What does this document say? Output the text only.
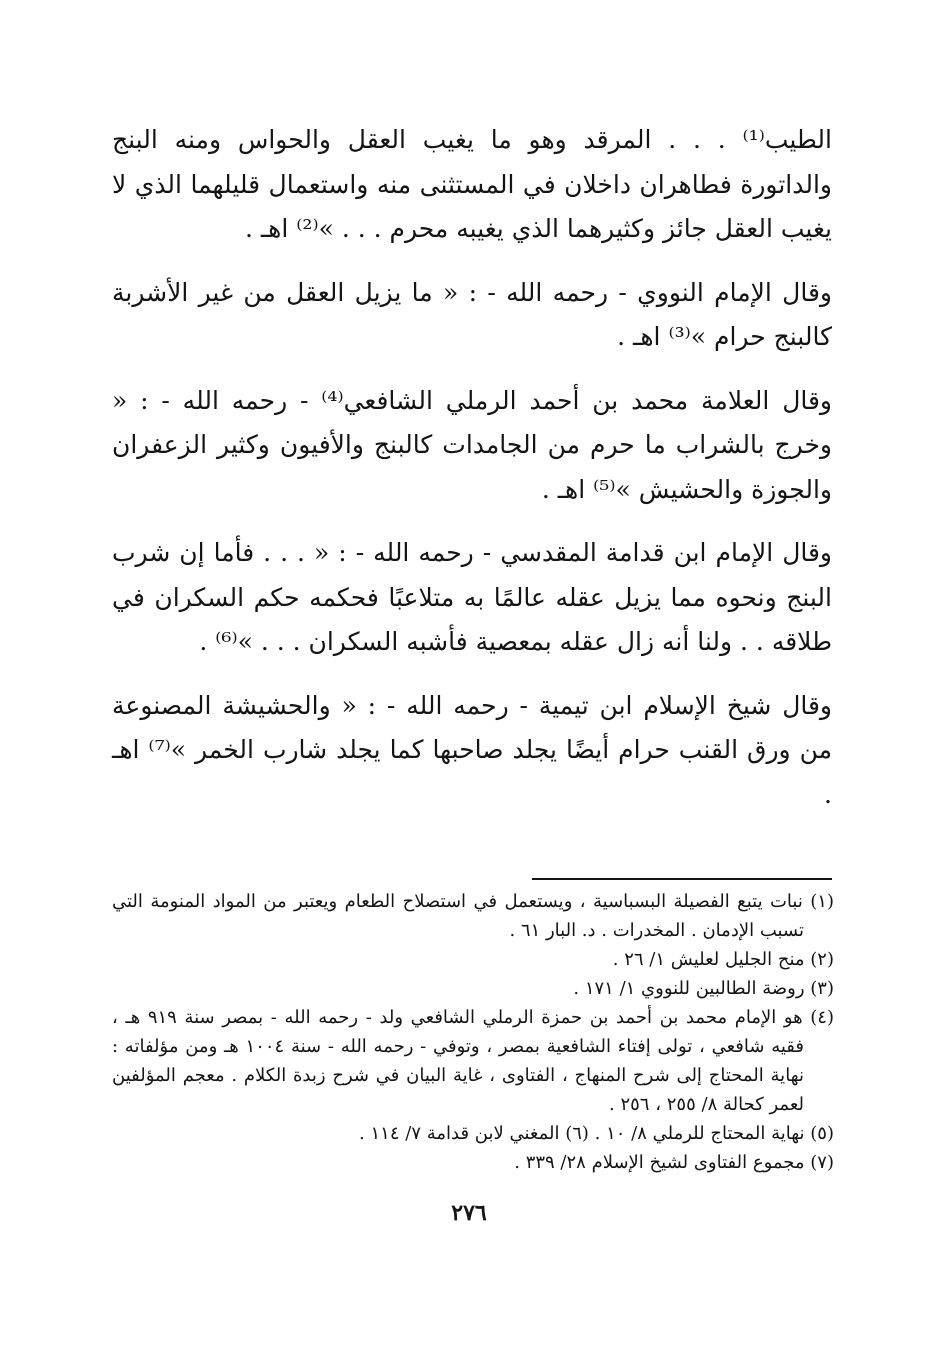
الطيب⁽¹⁾ . . . المرقد وهو ما يغيب العقل والحواس ومنه البنج والداتورة فطاهران داخلان في المستثنى منه واستعمال قليلهما الذي لا يغيب العقل جائز وكثيرهما الذي يغيبه محرم . . . »⁽²⁾ اهـ .

وقال الإمام النووي - رحمه الله - : « ما يزيل العقل من غير الأشربة كالبنج حرام »⁽³⁾ اهـ .

وقال العلامة محمد بن أحمد الرملي الشافعي⁽⁴⁾ - رحمه الله - : « وخرج بالشراب ما حرم من الجامدات كالبنج والأفيون وكثير الزعفران والجوزة والحشيش »⁽⁵⁾ اهـ .

وقال الإمام ابن قدامة المقدسي - رحمه الله - : « . . . فأما إن شرب البنج ونحوه مما يزيل عقله عالمًا به متلاعبًا فحكمه حكم السكران في طلاقه . . ولنا أنه زال عقله بمعصية فأشبه السكران . . . »⁽⁶⁾ .

وقال شيخ الإسلام ابن تيمية - رحمه الله - : « والحشيشة المصنوعة من ورق القنب حرام أيضًا يجلد صاحبها كما يجلد شارب الخمر »⁽⁷⁾ اهـ .

(١) نبات يتبع الفصيلة البسباسية ، ويستعمل في استصلاح الطعام ويعتبر من المواد المنومة التي تسبب الإدمان . المخدرات . د. البار ٦١ .

(٢) منح الجليل لعليش ١/ ٢٦ .

(٣) روضة الطالبين للنووي ١/ ١٧١ .

(٤) هو الإمام محمد بن أحمد بن حمزة الرملي الشافعي ولد - رحمه الله - بمصر سنة ٩١٩ هـ ، فقيه شافعي ، تولى إفتاء الشافعية بمصر ، وتوفي - رحمه الله - سنة ١٠٠٤ هـ ومن مؤلفاته : نهاية المحتاج إلى شرح المنهاج ، الفتاوى ، غاية البيان في شرح زبدة الكلام . معجم المؤلفين لعمر كحالة ٨/ ٢٥٥ ، ٢٥٦ .

(٥) نهاية المحتاج للرملي ٨/ ١٠ . (٦) المغني لابن قدامة ٧/ ١١٤ .

(٧) مجموع الفتاوى لشيخ الإسلام ٢٨/ ٣٣٩ .

٢٧٦
